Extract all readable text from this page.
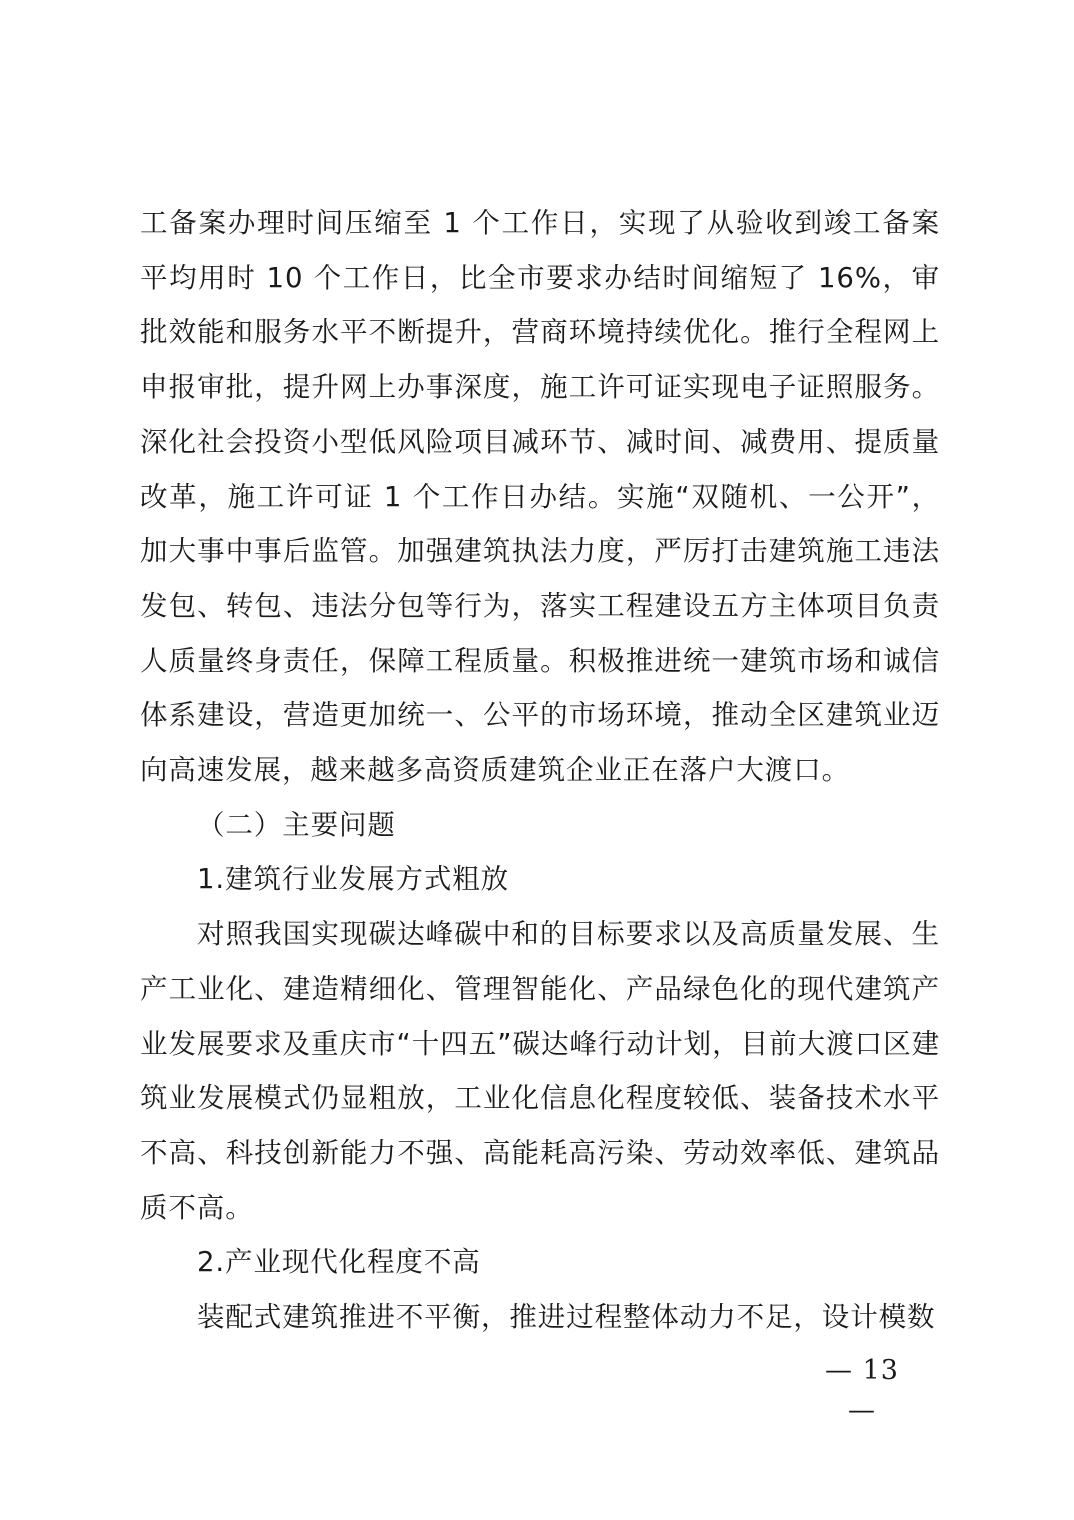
工备案办理时间压缩至 1 个工作日，实现了从验收到竣工备案平均用时 10 个工作日，比全市要求办结时间缩短了 16%，审批效能和服务水平不断提升，营商环境持续优化。推行全程网上申报审批，提升网上办事深度，施工许可证实现电子证照服务。深化社会投资小型低风险项目减环节、减时间、减费用、提质量改革，施工许可证 1 个工作日办结。实施“双随机、一公开”，加大事中事后监管。加强建筑执法力度，严厉打击建筑施工违法发包、转包、违法分包等行为，落实工程建设五方主体项目负责人质量终身责任，保障工程质量。积极推进统一建筑市场和诚信体系建设，营造更加统一、公平的市场环境，推动全区建筑业迈向高速发展，越来越多高资质建筑企业正在落户大渡口。

（二）主要问题

1.建筑行业发展方式粗放

对照我国实现碳达峰碳中和的目标要求以及高质量发展、生产工业化、建造精细化、管理智能化、产品绿色化的现代建筑产业发展要求及重庆市“十四五”碳达峰行动计划，目前大渡口区建筑业发展模式仍显粗放，工业化信息化程度较低、装备技术水平不高、科技创新能力不强、高能耗高污染、劳动效率低、建筑品质不高。

2.产业现代化程度不高

装配式建筑推进不平衡，推进过程整体动力不足，设计模数

— 13 —
